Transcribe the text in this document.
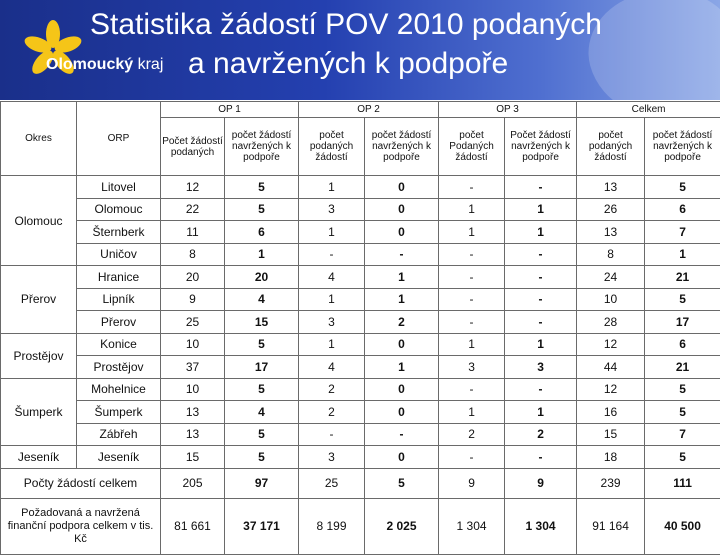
Olomoucký kraj
Statistika žádostí POV 2010 podaných
a navržených k podpoře
Okres	ORP	OP 1		OP 2		OP 3		Celkem	
		Počet žádostí podaných	počet žádostí navržených k podpoře	počet podaných žádostí	počet žádostí navržených k podpoře	počet Podaných žádostí	Počet žádostí navržených k podpoře	počet podaných žádostí	počet žádostí navržených k podpoře
Olomouc	Litovel	12	5	1	0	-	-	13	5
	Olomouc	22	5	3	0	1	1	26	6
	Šternberk	11	6	1	0	1	1	13	7
	Uničov	8	1	-	-	-	-	8	1
Přerov	Hranice	20	20	4	1	-	-	24	21
	Lipník	9	4	1	1	-	-	10	5
	Přerov	25	15	3	2	-	-	28	17
Prostějov	Konice	10	5	1	0	1	1	12	6
	Prostějov	37	17	4	1	3	3	44	21
Šumperk	Mohelnice	10	5	2	0	-	-	12	5
	Šumperk	13	4	2	0	1	1	16	5
	Zábřeh	13	5	-	-	2	2	15	7
Jeseník	Jeseník	15	5	3	0	-	-	18	5
Počty žádostí celkem		205	97	25	5	9	9	239	111
Požadovaná a navržená finanční podpora celkem v tis. Kč		81 661	37 171	8 199	2 025	1 304	1 304	91 164	40 500
